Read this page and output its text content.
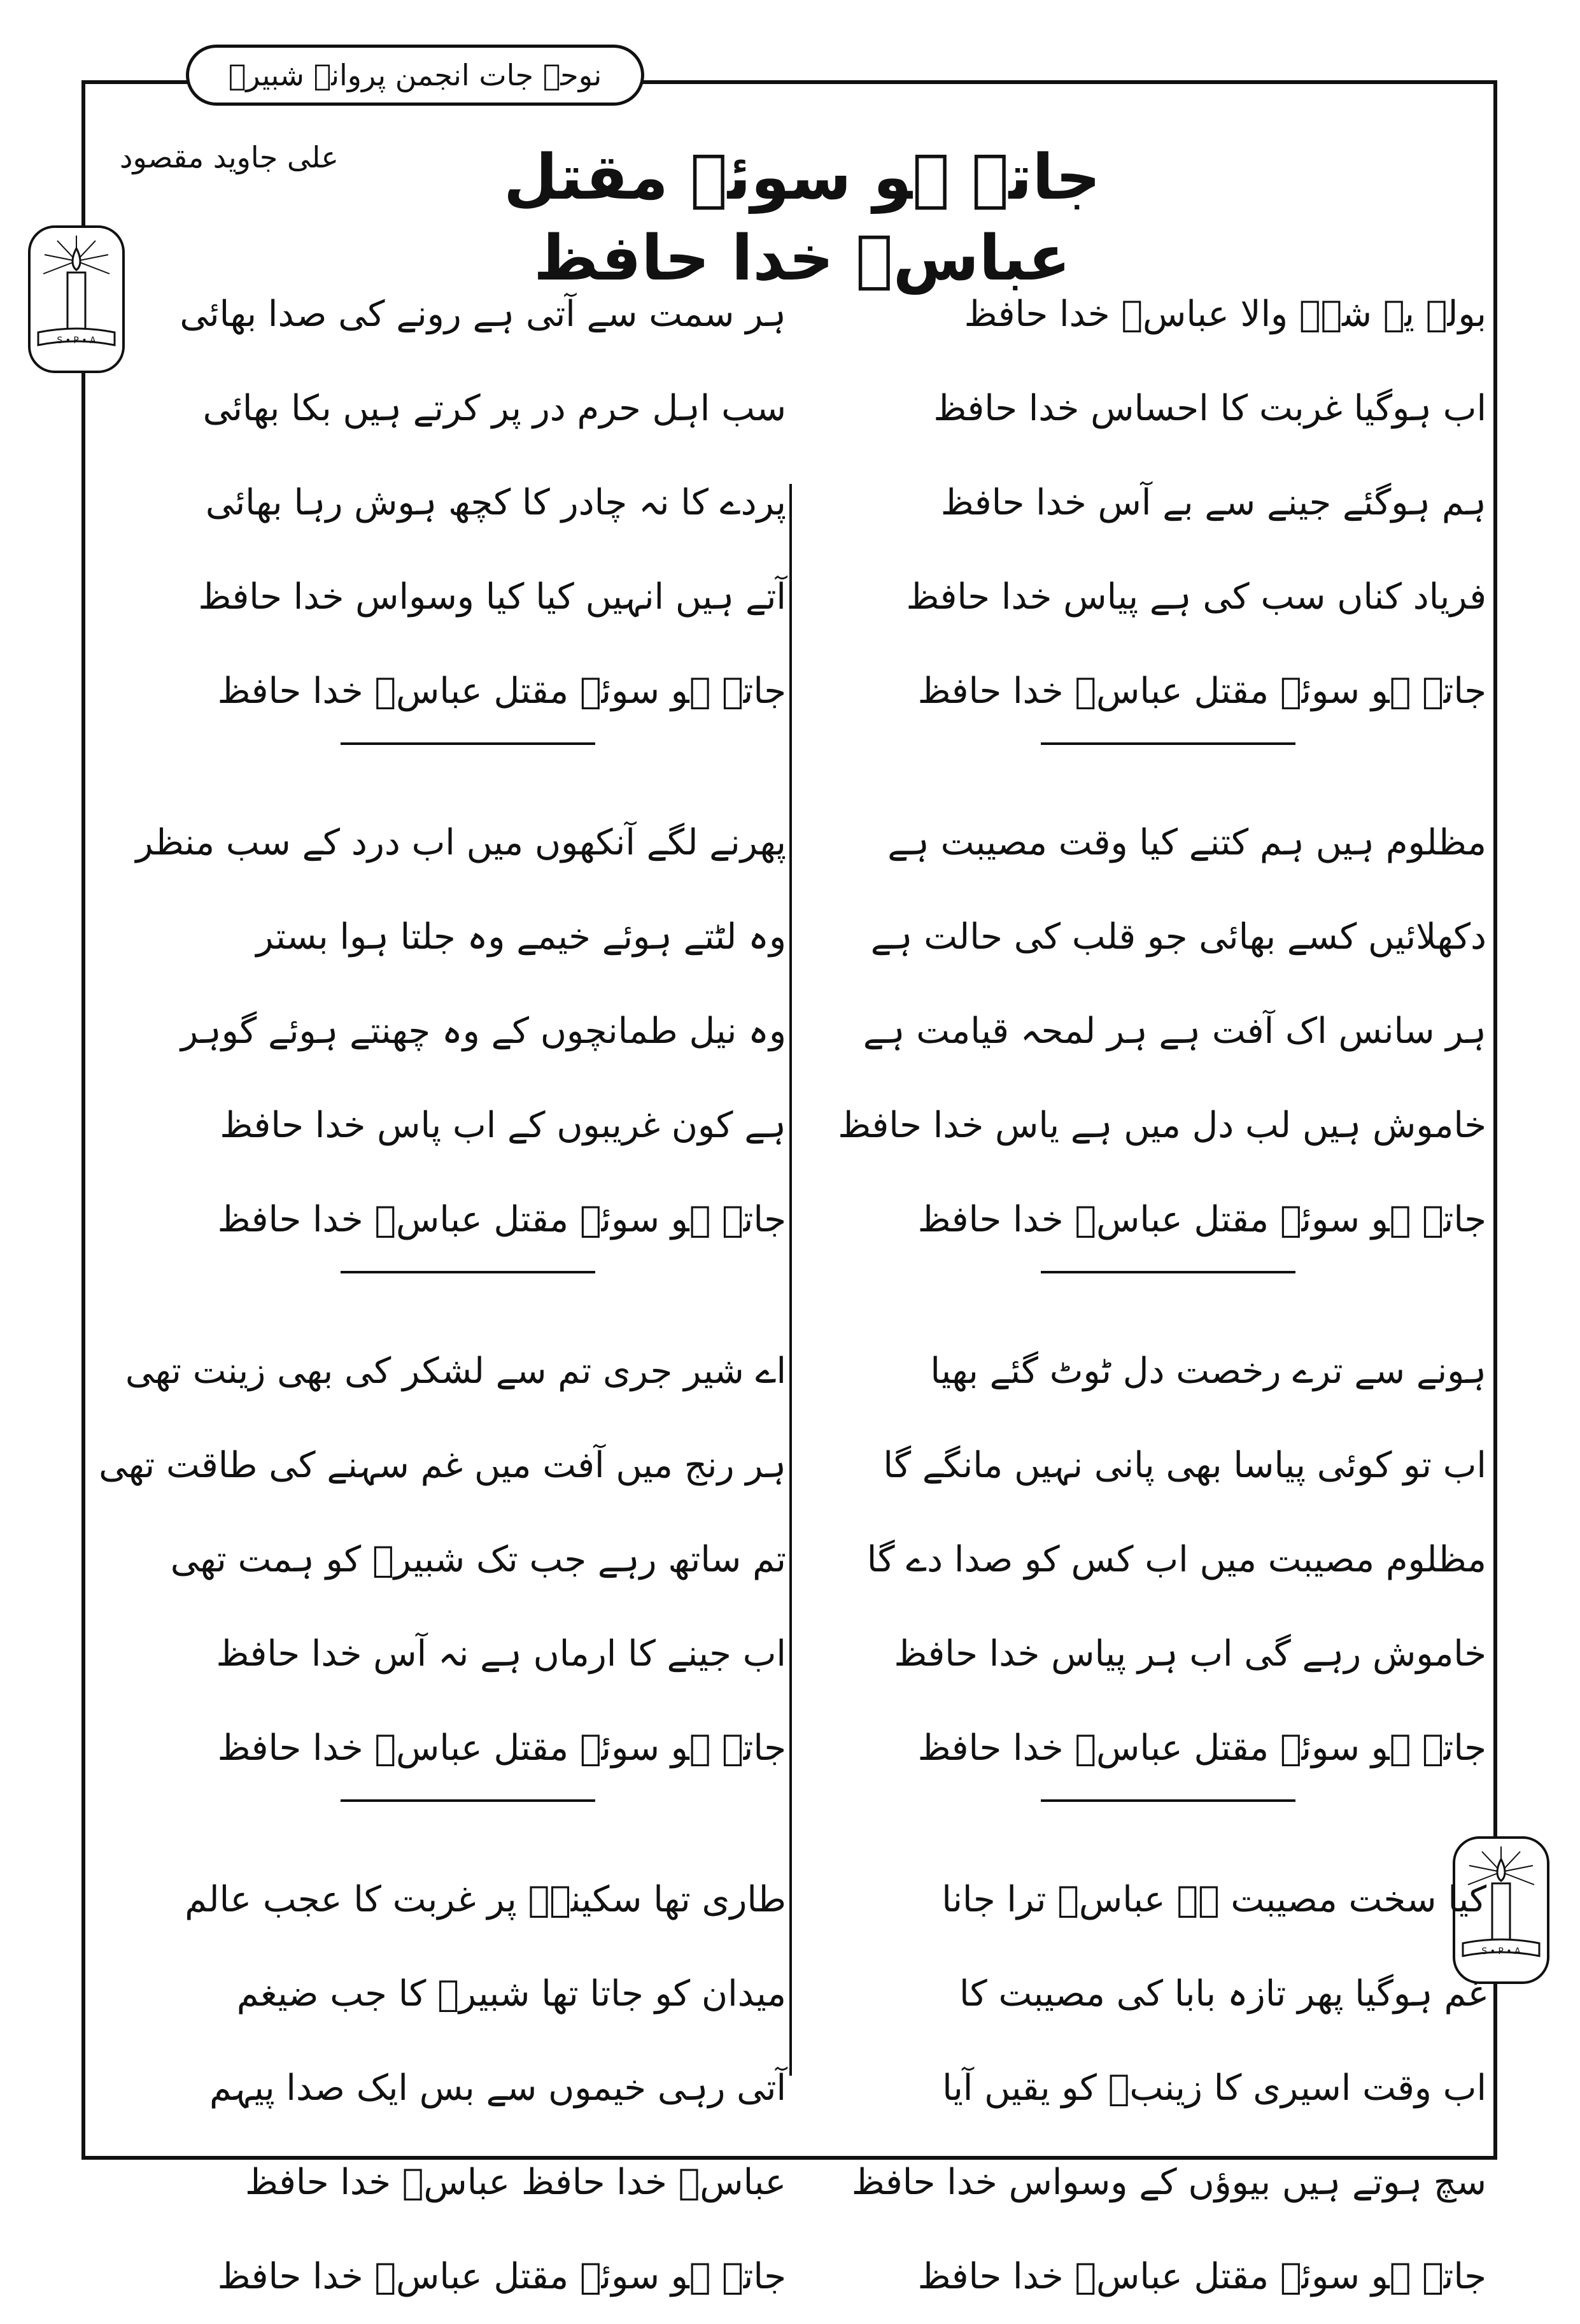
نوحہ جات انجمن پروانۂ شبیرؑ
جاتے ہو سوئے مقتل عباسؑ خدا حافظ
علی جاوید مقصود
S • P • A
S • P • A
بولے یہ شہؑ والا عباسؑ خدا حافظ
اب ہوگیا غربت کا احساس خدا حافظ
ہم ہوگئے جینے سے بے آس خدا حافظ
فریاد کناں سب کی ہے پیاس خدا حافظ
جاتے ہو سوئے مقتل عباسؑ خدا حافظ
مظلوم ہیں ہم کتنے کیا وقت مصیبت ہے
دکھلائیں کسے بھائی جو قلب کی حالت ہے
ہر سانس اک آفت ہے ہر لمحہ قیامت ہے
خاموش ہیں لب دل میں ہے یاس خدا حافظ
جاتے ہو سوئے مقتل عباسؑ خدا حافظ
ہونے سے ترے رخصت دل ٹوٹ گئے بھیا
اب تو کوئی پیاسا بھی پانی نہیں مانگے گا
مظلوم مصیبت میں اب کس کو صدا دے گا
خاموش رہے گی اب ہر پیاس خدا حافظ
جاتے ہو سوئے مقتل عباسؑ خدا حافظ
کیا سخت مصیبت ہے عباسؑ ترا جانا
غم ہوگیا پھر تازہ بابا کی مصیبت کا
اب وقت اسیری کا زینبؑ کو یقیں آیا
سچ ہوتے ہیں بیوؤں کے وسواس خدا حافظ
جاتے ہو سوئے مقتل عباسؑ خدا حافظ
ہر سمت سے آتی ہے رونے کی صدا بھائی
سب اہل حرم در پر کرتے ہیں بکا بھائی
پردے کا نہ چادر کا کچھ ہوش رہا بھائی
آتے ہیں انہیں کیا کیا وسواس خدا حافظ
جاتے ہو سوئے مقتل عباسؑ خدا حافظ
پھرنے لگے آنکھوں میں اب درد کے سب منظر
وہ لٹتے ہوئے خیمے وہ جلتا ہوا بستر
وہ نیل طمانچوں کے وہ چھنتے ہوئے گوہر
ہے کون غریبوں کے اب پاس خدا حافظ
جاتے ہو سوئے مقتل عباسؑ خدا حافظ
اے شیر جری تم سے لشکر کی بھی زینت تھی
ہر رنج میں آفت میں غم سہنے کی طاقت تھی
تم ساتھ رہے جب تک شبیرؑ کو ہمت تھی
اب جینے کا ارماں ہے نہ آس خدا حافظ
جاتے ہو سوئے مقتل عباسؑ خدا حافظ
طاری تھا سکینہؑ پر غربت کا عجب عالم
میدان کو جاتا تھا شبیرؑ کا جب ضیغم
آتی رہی خیموں سے بس ایک صدا پیہم
عباسؑ خدا حافظ عباسؑ خدا حافظ
جاتے ہو سوئے مقتل عباسؑ خدا حافظ
